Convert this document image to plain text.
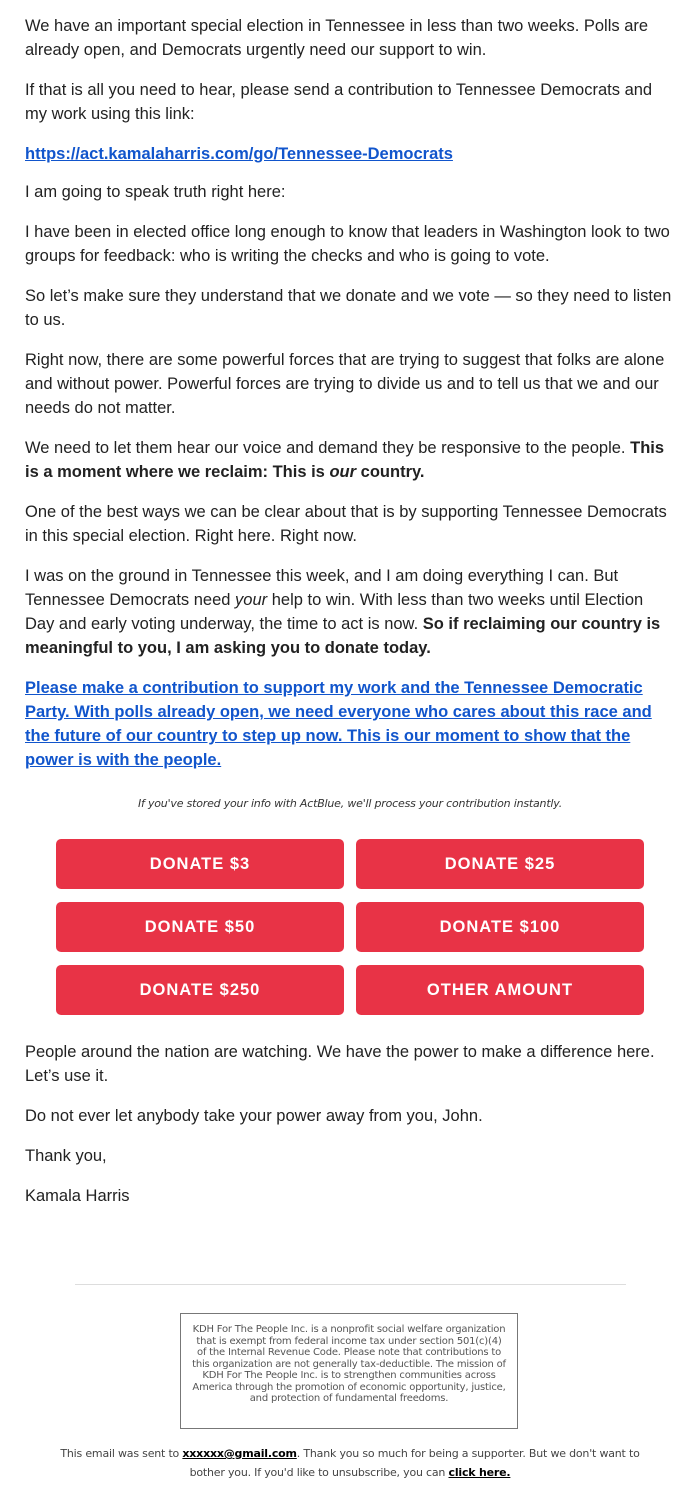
We have an important special election in Tennessee in less than two weeks. Polls are already open, and Democrats urgently need our support to win.

If that is all you need to hear, please send a contribution to Tennessee Democrats and my work using this link:

https://act.kamalaharris.com/go/Tennessee-Democrats

I am going to speak truth right here:

I have been in elected office long enough to know that leaders in Washington look to two groups for feedback: who is writing the checks and who is going to vote.

So let’s make sure they understand that we donate and we vote — so they need to listen to us.

Right now, there are some powerful forces that are trying to suggest that folks are alone and without power. Powerful forces are trying to divide us and to tell us that we and our needs do not matter.

We need to let them hear our voice and demand they be responsive to the people. This is a moment where we reclaim: This is our country.

One of the best ways we can be clear about that is by supporting Tennessee Democrats in this special election. Right here. Right now.

I was on the ground in Tennessee this week, and I am doing everything I can. But Tennessee Democrats need your help to win. With less than two weeks until Election Day and early voting underway, the time to act is now. So if reclaiming our country is meaningful to you, I am asking you to donate today.

Please make a contribution to support my work and the Tennessee Democratic Party. With polls already open, we need everyone who cares about this race and the future of our country to step up now. This is our moment to show that the power is with the people.

If you've stored your info with ActBlue, we'll process your contribution instantly.
DONATE $3	DONATE $25
DONATE $50	DONATE $100
DONATE $250	OTHER AMOUNT

People around the nation are watching. We have the power to make a difference here. Let’s use it.

Do not ever let anybody take your power away from you, John.

Thank you,

Kamala Harris

KDH For The People Inc. is a nonprofit social welfare organization that is exempt from federal income tax under section 501(c)(4) of the Internal Revenue Code. Please note that contributions to this organization are not generally tax-deductible. The mission of KDH For The People Inc. is to strengthen communities across America through the promotion of economic opportunity, justice, and protection of fundamental freedoms.
This email was sent to xxxxxx@gmail.com. Thank you so much for being a supporter. But we don't want to bother you. If you'd like to unsubscribe, you can click here.
